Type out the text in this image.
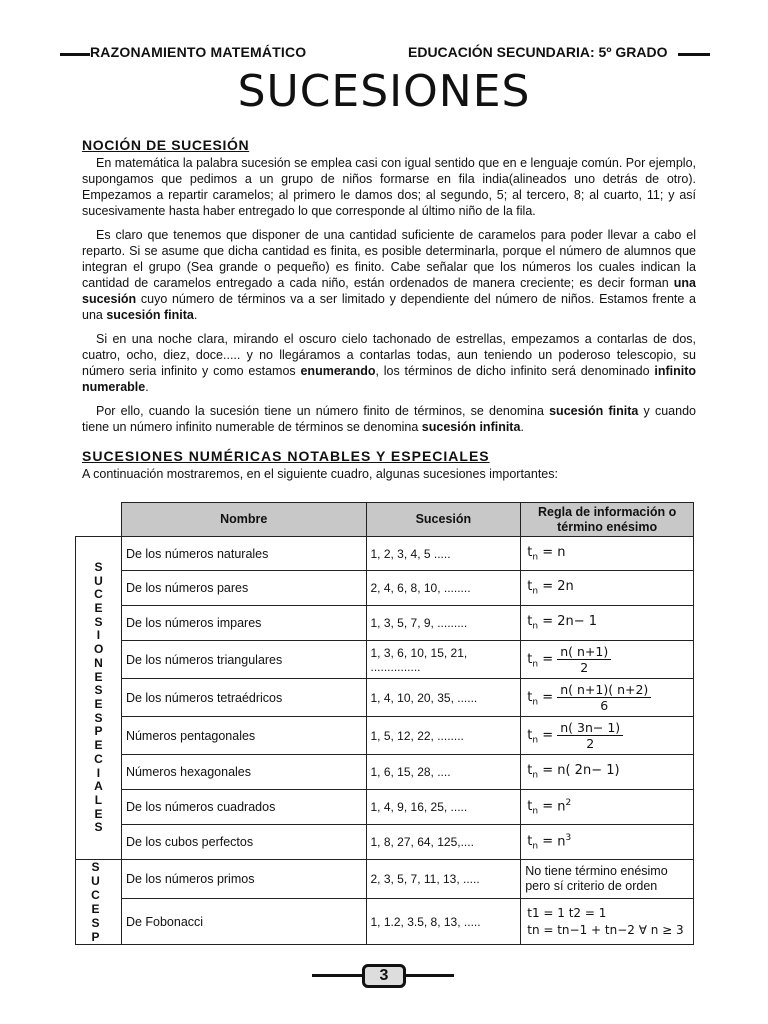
RAZONAMIENTO MATEMÁTICO	EDUCACIÓN SECUNDARIA: 5º GRADO
SUCESIONES
NOCIÓN DE SUCESIÓN

En matemática la palabra sucesión se emplea casi con igual sentido que en e lenguaje común. Por ejemplo, supongamos que pedimos a un grupo de niños formarse en fila india(alineados uno detrás de otro). Empezamos a repartir caramelos; al primero le damos dos; al segundo, 5; al tercero, 8; al cuarto, 11; y así sucesivamente hasta haber entregado lo que corresponde al último niño de la fila.

Es claro que tenemos que disponer de una cantidad suficiente de caramelos para poder llevar a cabo el reparto. Si se asume que dicha cantidad es finita, es posible determinarla, porque el número de alumnos que integran el grupo (Sea grande o pequeño) es finito. Cabe señalar que los números los cuales indican la cantidad de caramelos entregado a cada niño, están ordenados de manera creciente; es decir forman una sucesión cuyo número de términos va a ser limitado y dependiente del número de niños. Estamos frente a una sucesión finita.

Si en una noche clara, mirando el oscuro cielo tachonado de estrellas, empezamos a contarlas de dos, cuatro, ocho, diez, doce..... y no llegáramos a contarlas todas, aun teniendo un poderoso telescopio, su número seria infinito y como estamos enumerando, los términos de dicho infinito será denominado infinito numerable.

Por ello, cuando la sucesión tiene un número finito de términos, se denomina sucesión finita y cuando tiene un número infinito numerable de términos se denomina sucesión infinita.

SUCESIONES NUMÉRICAS NOTABLES Y ESPECIALES
A continuación mostraremos, en el siguiente cuadro, algunas sucesiones importantes:
	Nombre	Sucesión	Regla de información o término enésimo
SUCESIONES ESPECIALES	De los números naturales	1, 2, 3, 4, 5 .....	$t_n = n$
	De los números pares	2, 4, 6, 8, 10, ........	$t_n = 2n$
	De los números impares	1, 3, 5, 7, 9, .........	$t_n = 2n- 1$
	De los números triangulares	1, 3, 6, 10, 15, 21, ...............	$t_n = \frac{n( n+1)}{2}$

	De los números tetraédricos	1, 4, 10, 20, 35, ......	$t_n = \frac{n( n+1)( n+2)}{6}$

	Números pentagonales	1, 5, 12, 22, ........	$t_n = \frac{n( 3n- 1)}{2}$

	Números hexagonales	1, 6, 15, 28, ....	$t_n = n$( 2n− 1)
	De los números cuadrados	1, 4, 9, 16, 25, .....	$t_n = n^2$
	De los cubos perfectos	1, 8, 27, 64, 125,....	$t_n = n^3$
SUC ESP	De los números primos	2, 3, 5, 7, 11, 13, .....	No tiene término enésimo pero sí criterio de orden
	De Fobonacci	1, 1.2, 3.5, 8, 13, .....	t1 = 1 t2 = 1
tn = tn−1 + tn−2 ∀ n ≥ 3
3
